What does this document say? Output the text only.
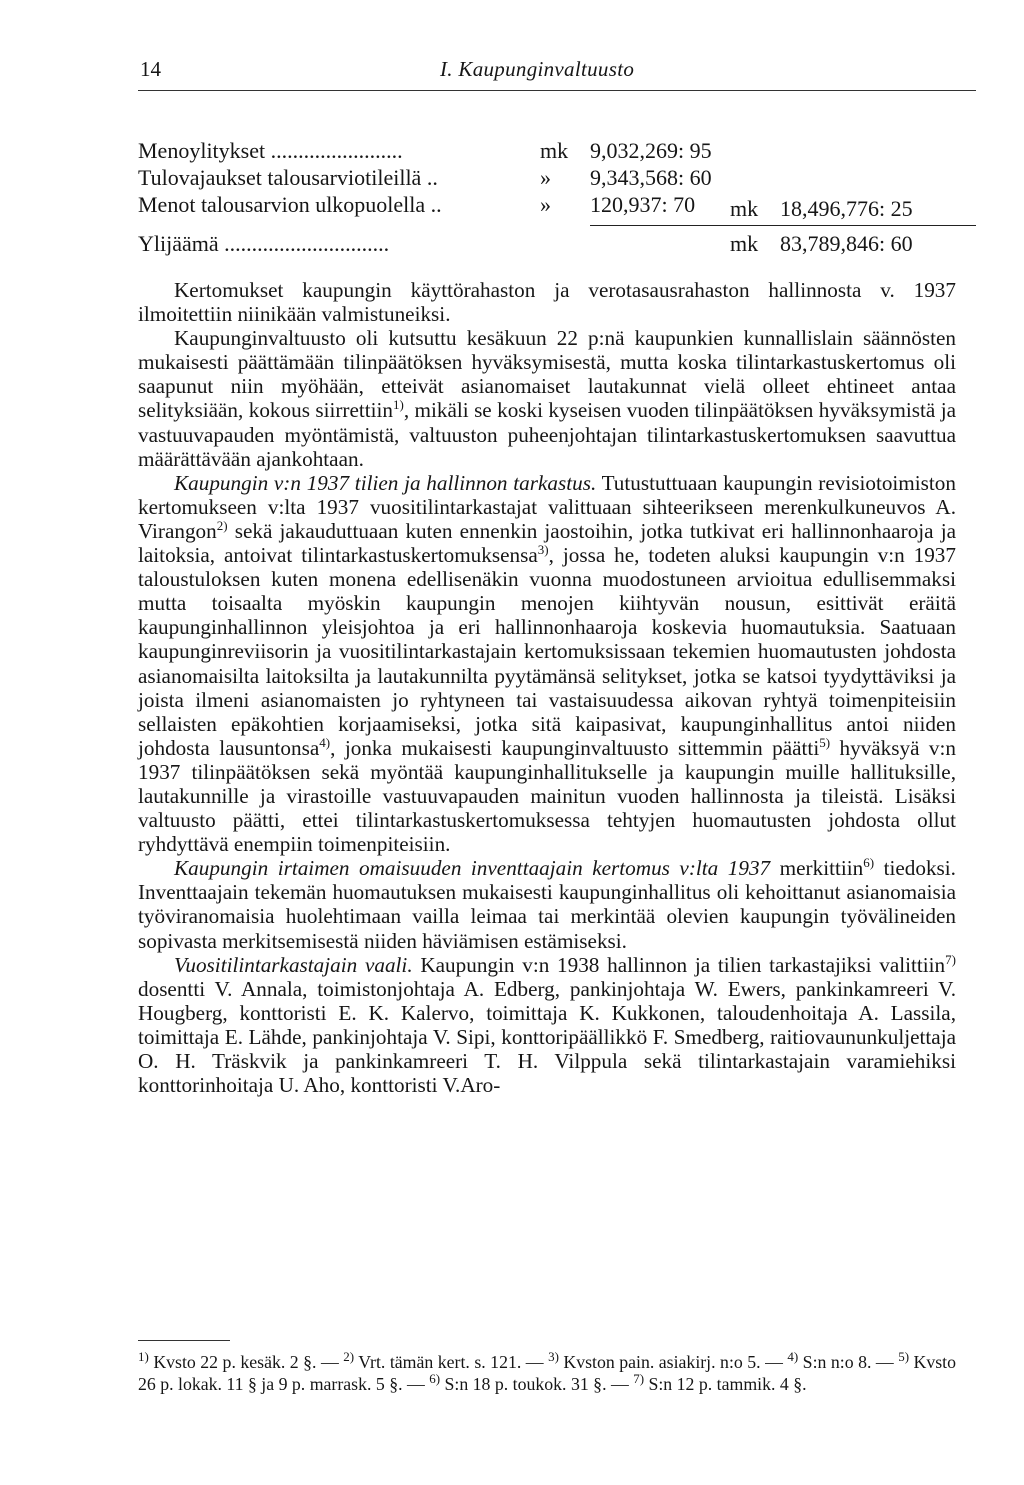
14	I. Kaupunginvaltuusto
Menoylitykset ........................	mk 9,032,269: 95
Tulovajaukset talousarviotileillä ..	» 9,343,568: 60
Menot talousarvion ulkopuolella ..	» 120,937: 70 mk 18,496,776: 25
Ylijäämä ..............................	mk 83,789,846: 60

Kertomukset kaupungin käyttörahaston ja verotasausrahaston hallinnosta v. 1937 ilmoitettiin niinikään valmistuneiksi.

Kaupunginvaltuusto oli kutsuttu kesäkuun 22 p:nä kaupunkien kunnallislain säännösten mukaisesti päättämään tilinpäätöksen hyväksymisestä, mutta koska tilintarkastuskertomus oli saapunut niin myöhään, etteivät asianomaiset lautakunnat vielä olleet ehtineet antaa selityksiään, kokous siirrettiin$^{1)}$, mikäli se koski kyseisen vuoden tilinpäätöksen hyväksymistä ja vastuuvapauden myöntämistä, valtuuston puheenjohtajan tilintarkastuskertomuksen saavuttua määrättävään ajankohtaan.

Kaupungin v:n 1937 tilien ja hallinnon tarkastus. Tutustuttuaan kaupungin revisiotoimiston kertomukseen v:lta 1937 vuositilintarkastajat valittuaan sihteerikseen merenkulkuneuvos A. Virangon$^{2)}$ sekä jakauduttuaan kuten ennenkin jaostoihin, jotka tutkivat eri hallinnonhaaroja ja laitoksia, antoivat tilintarkastuskertomuksensa$^{3)}$, jossa he, todeten aluksi kaupungin v:n 1937 taloustuloksen kuten monena edellisenäkin vuonna muodostuneen arvioitua edullisemmaksi mutta toisaalta myöskin kaupungin menojen kiihtyvän nousun, esittivät eräitä kaupunginhallinnon yleisjohtoa ja eri hallinnonhaaroja koskevia huomautuksia. Saatuaan kaupunginreviisorin ja vuositilintarkastajain kertomuksissaan tekemien huomautusten johdosta asianomaisilta laitoksilta ja lautakunnilta pyytämänsä selitykset, jotka se katsoi tyydyttäviksi ja joista ilmeni asianomaisten jo ryhtyneen tai vastaisuudessa aikovan ryhtyä toimenpiteisiin sellaisten epäkohtien korjaamiseksi, jotka sitä kaipasivat, kaupunginhallitus antoi niiden johdosta lausuntonsa$^{4)}$, jonka mukaisesti kaupunginvaltuusto sittemmin päätti$^{5)}$ hyväksyä v:n 1937 tilinpäätöksen sekä myöntää kaupunginhallitukselle ja kaupungin muille hallituksille, lautakunnille ja virastoille vastuuvapauden mainitun vuoden hallinnosta ja tileistä. Lisäksi valtuusto päätti, ettei tilintarkastuskertomuksessa tehtyjen huomautusten johdosta ollut ryhdyttävä enempiin toimenpiteisiin.

Kaupungin irtaimen omaisuuden inventtaajain kertomus v:lta 1937 merkittiin$^{6)}$ tiedoksi. Inventtaajain tekemän huomautuksen mukaisesti kaupunginhallitus oli kehoittanut asianomaisia työviranomaisia huolehtimaan vailla leimaa tai merkintää olevien kaupungin työvälineiden sopivasta merkitsemisestä niiden häviämisen estämiseksi.

Vuositilintarkastajain vaali. Kaupungin v:n 1938 hallinnon ja tilien tarkastajiksi valittiin$^{7)}$ dosentti V. Annala, toimistonjohtaja A. Edberg, pankinjohtaja W. Ewers, pankinkamreeri V. Hougberg, konttoristi E. K. Kalervo, toimittaja K. Kukkonen, taloudenhoitaja A. Lassila, toimittaja E. Lähde, pankinjohtaja V. Sipi, konttoripäällikkö F. Smedberg, raitiovaununkuljettaja O. H. Träskvik ja pankinkamreeri T. H. Vilppula sekä tilintarkastajain varamiehiksi konttorinhoitaja U. Aho, konttoristi V.Aro-

$^{1)}$ Kvsto 22 p. kesäk. 2 §. — $^{2)}$ Vrt. tämän kert. s. 121. — $^{3)}$ Kvston pain. asiakirj. n:o 5. — $^{4)}$ S:n n:o 8. — $^{5)}$ Kvsto 26 p. lokak. 11 § ja 9 p. marrask. 5 §. — $^{6)}$ S:n 18 p. toukok. 31 §. — $^{7)}$ S:n 12 p. tammik. 4 §.
